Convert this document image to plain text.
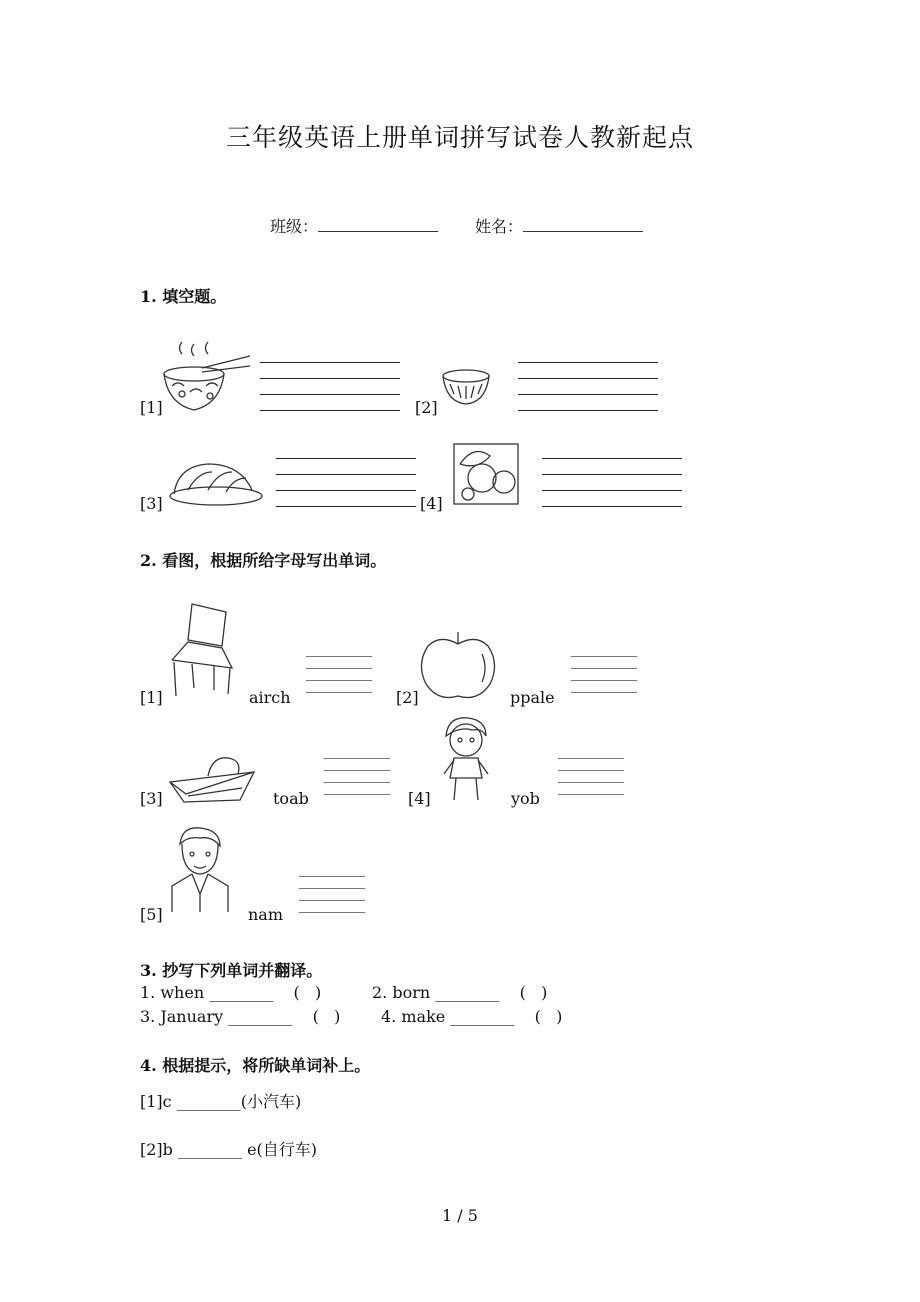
三年级英语上册单词拼写试卷人教新起点
班级：	姓名：
1. 填空题。
[1]	[2]
[3]	[4]
2. 看图，根据所给字母写出单词。
[1]	airch	[2]	ppale
[3]	toab	[4]	yob
[5]	nam
3. 抄写下列单词并翻译。
1. when ________    (   )	2. born ________    (   )
3. January ________    (   )	4. make ________    (   )
4. 根据提示，将所缺单词补上。
[1]c ________(小汽车)
[2]b ________ e(自行车)
1 / 5
